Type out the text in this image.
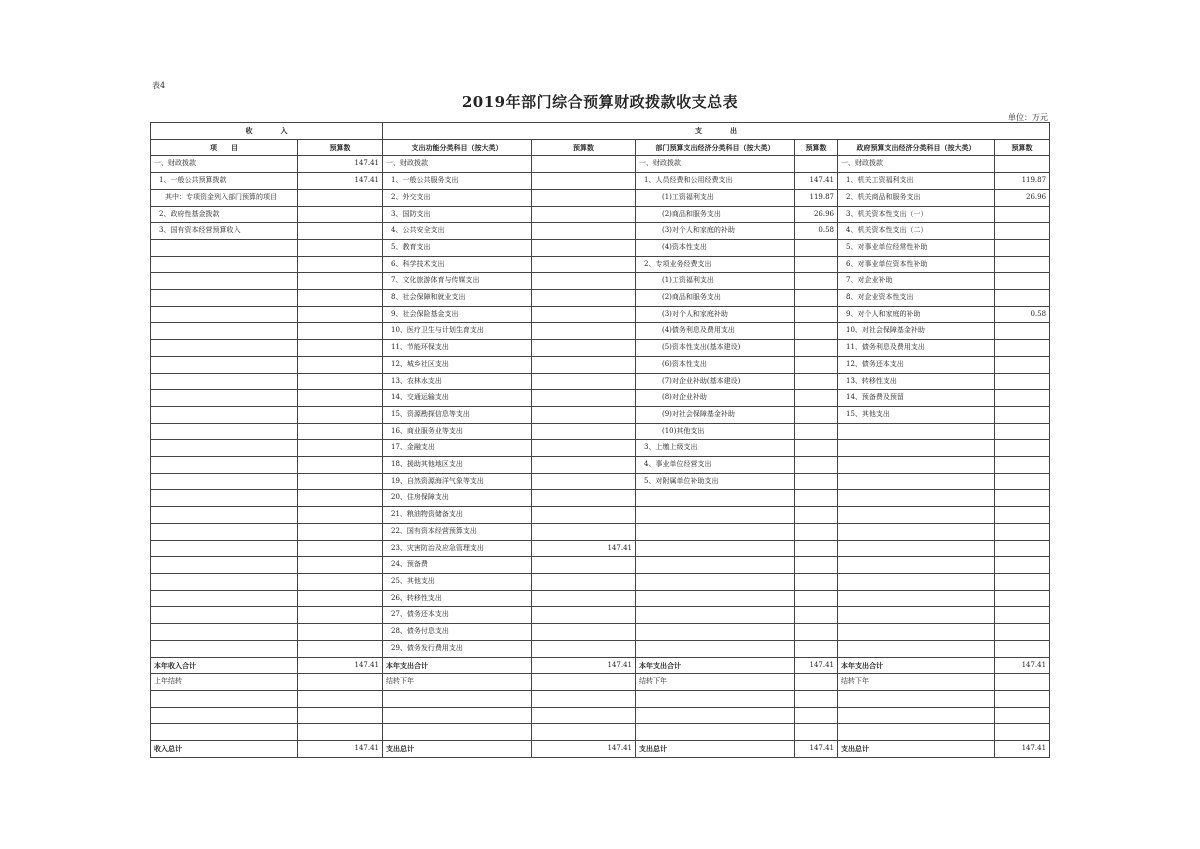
表4
2019年部门综合预算财政拨款收支总表
单位：万元
收　　　　入		支　　　　出					
项　　目	预算数	支出功能分类科目（按大类）	预算数	部门预算支出经济分类科目（按大类）	预算数	政府预算支出经济分类科目（按大类）	预算数
一、财政拨款	147.41	一、财政拨款		一、财政拨款		一、财政拨款	
1、一般公共预算拨款	147.41	1、一般公共服务支出		1、人员经费和公用经费支出	147.41	1、机关工资福利支出	119.87
其中：专项资金列入部门预算的项目		2、外交支出		(1)工资福利支出	119.87	2、机关商品和服务支出	26.96
2、政府性基金拨款		3、国防支出		(2)商品和服务支出	26.96	3、机关资本性支出（一）	
3、国有资本经营预算收入		4、公共安全支出		(3)对个人和家庭的补助	0.58	4、机关资本性支出（二）	
		5、教育支出		(4)资本性支出		5、对事业单位经常性补助	
		6、科学技术支出		2、专项业务经费支出		6、对事业单位资本性补助	
		7、文化旅游体育与传媒支出		(1)工资福利支出		7、对企业补助	
		8、社会保障和就业支出		(2)商品和服务支出		8、对企业资本性支出	
		9、社会保险基金支出		(3)对个人和家庭补助		9、对个人和家庭的补助	0.58
		10、医疗卫生与计划生育支出		(4)债务利息及费用支出		10、对社会保障基金补助	
		11、节能环保支出		(5)资本性支出(基本建设)		11、债务利息及费用支出	
		12、城乡社区支出		(6)资本性支出		12、债务还本支出	
		13、农林水支出		(7)对企业补助(基本建设)		13、转移性支出	
		14、交通运输支出		(8)对企业补助		14、预备费及预留	
		15、资源勘探信息等支出		(9)对社会保障基金补助		15、其他支出	
		16、商业服务业等支出		(10)其他支出			
		17、金融支出		3、上缴上级支出			
		18、援助其他地区支出		4、事业单位经营支出			
		19、自然资源海洋气象等支出		5、对附属单位补助支出			
		20、住房保障支出					
		21、粮油物资储备支出					
		22、国有资本经营预算支出					
		23、灾害防治及应急管理支出	147.41				
		24、预备费					
		25、其他支出					
		26、转移性支出					
		27、债务还本支出					
		28、债务付息支出					
		29、债务发行费用支出					
本年收入合计	147.41	本年支出合计	147.41	本年支出合计	147.41	本年支出合计	147.41
上年结转		结转下年		结转下年		结转下年	

收入总计	147.41	支出总计	147.41	支出总计	147.41	支出总计	147.41
